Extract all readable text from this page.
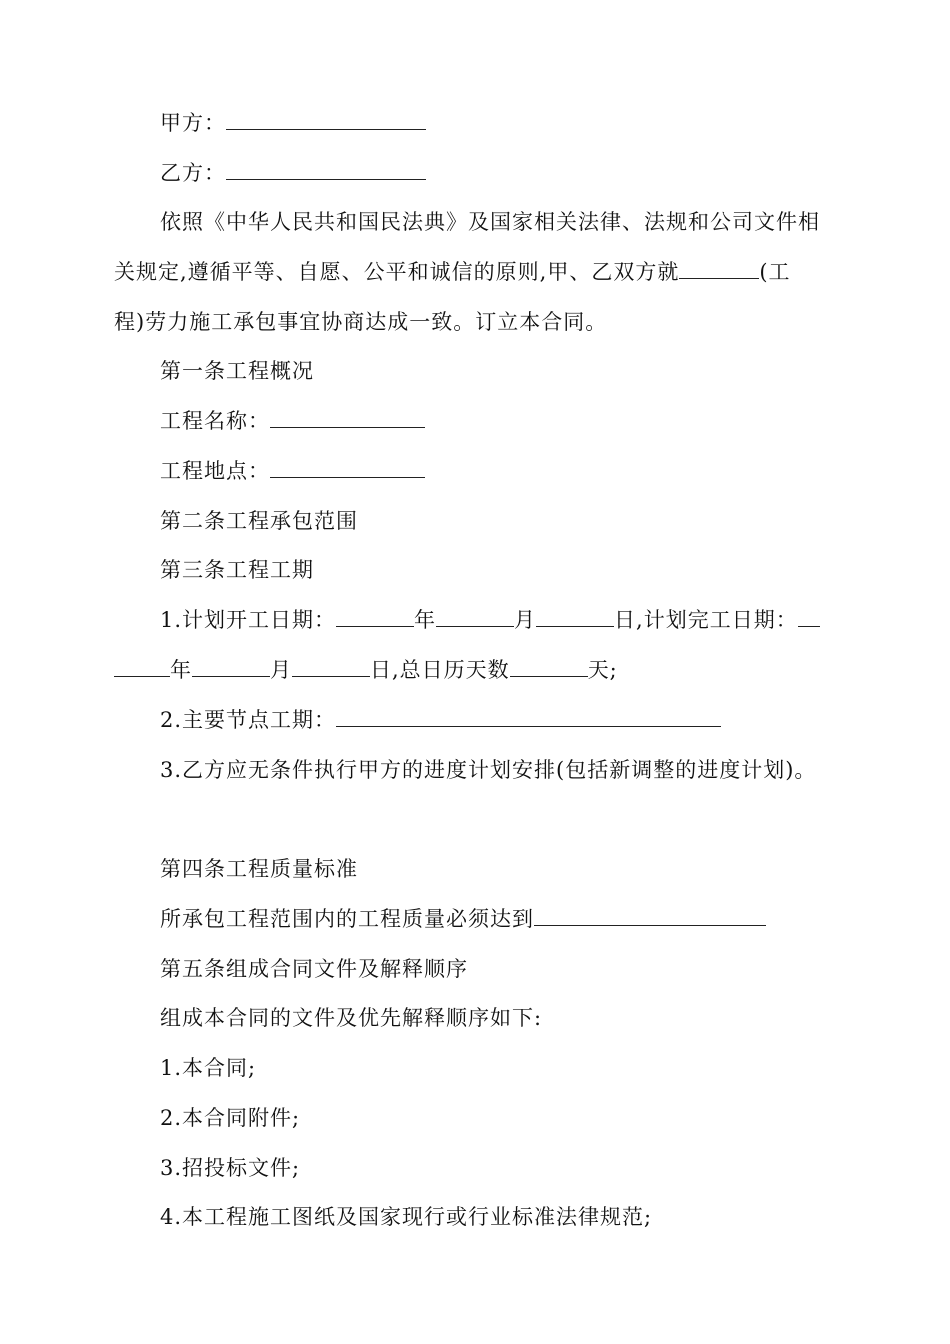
甲方：
乙方：
依照《中华人民共和国民法典》及国家相关法律、法规和公司文件相
关规定,遵循平等、自愿、公平和诚信的原则,甲、乙双方就	(工
程)劳力施工承包事宜协商达成一致。订立本合同。
第一条工程概况
工程名称：
工程地点：
第二条工程承包范围
第三条工程工期
1.计划开工日期：	年	月	日,计划完工日期：
年	月	日,总日历天数	天;
2.主要节点工期：
3.乙方应无条件执行甲方的进度计划安排(包括新调整的进度计划)。
第四条工程质量标准
所承包工程范围内的工程质量必须达到
第五条组成合同文件及解释顺序
组成本合同的文件及优先解释顺序如下:
1.本合同;
2.本合同附件;
3.招投标文件;
4.本工程施工图纸及国家现行或行业标准法律规范;
